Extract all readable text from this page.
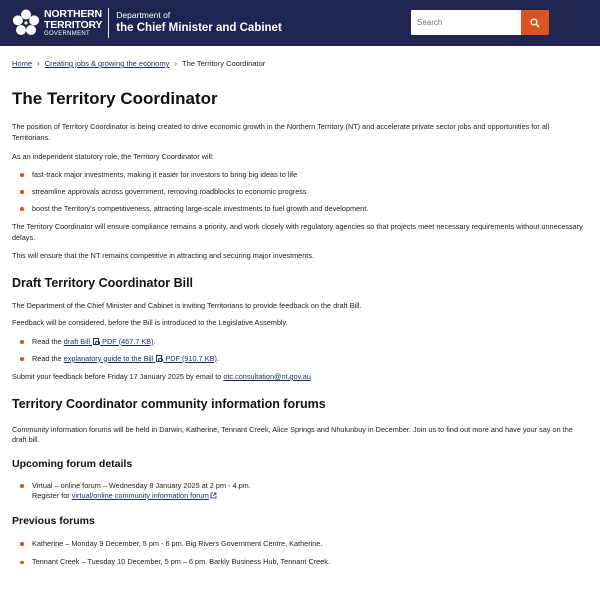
NORTHERN
TERRITORY
GOVERNMENT
Department of
the Chief Minister and Cabinet
Search
Home › Creating jobs & growing the economy › The Territory Coordinator
The Territory Coordinator

The position of Territory Coordinator is being created to drive economic growth in the Northern Territory (NT) and accelerate private sector jobs and opportunities for all Territorians.

As an independent statutory role, the Territory Coordinator will:

fast-track major investments, making it easier for investors to bring big ideas to life
streamline approvals across government, removing roadblocks to economic progress
boost the Territory's competitiveness, attracting large-scale investments to fuel growth and development.

The Territory Coordinator will ensure compliance remains a priority, and work closely with regulatory agencies so that projects meet necessary requirements without unnecessary delays.

This will ensure that the NT remains competitive in attracting and securing major investments.

Draft Territory Coordinator Bill

The Department of the Chief Minister and Cabinet is inviting Territorians to provide feedback on the draft Bill.

Feedback will be considered, before the Bill is introduced to the Legislative Assembly.

Read the draft Bill PDF (467.7 KB).
Read the explanatory guide to the Bill PDF (910.7 KB).

Submit your feedback before Friday 17 January 2025 by email to otc.consultation@nt.gov.au

Territory Coordinator community information forums

Community information forums will be held in Darwin, Katherine, Tennant Creek, Alice Springs and Nhulunbuy in December. Join us to find out more and have your say on the draft bill.

Upcoming forum details
Virtual – online forum – Wednesday 8 January 2025 at 2 pm - 4 pm.
Register for virtual/online community information forum
Previous forums
Katherine – Monday 9 December, 5 pm - 6 pm. Big Rivers Government Centre, Katherine.
Tennant Creek – Tuesday 10 December, 5 pm – 6 pm. Barkly Business Hub, Tennant Creek.
